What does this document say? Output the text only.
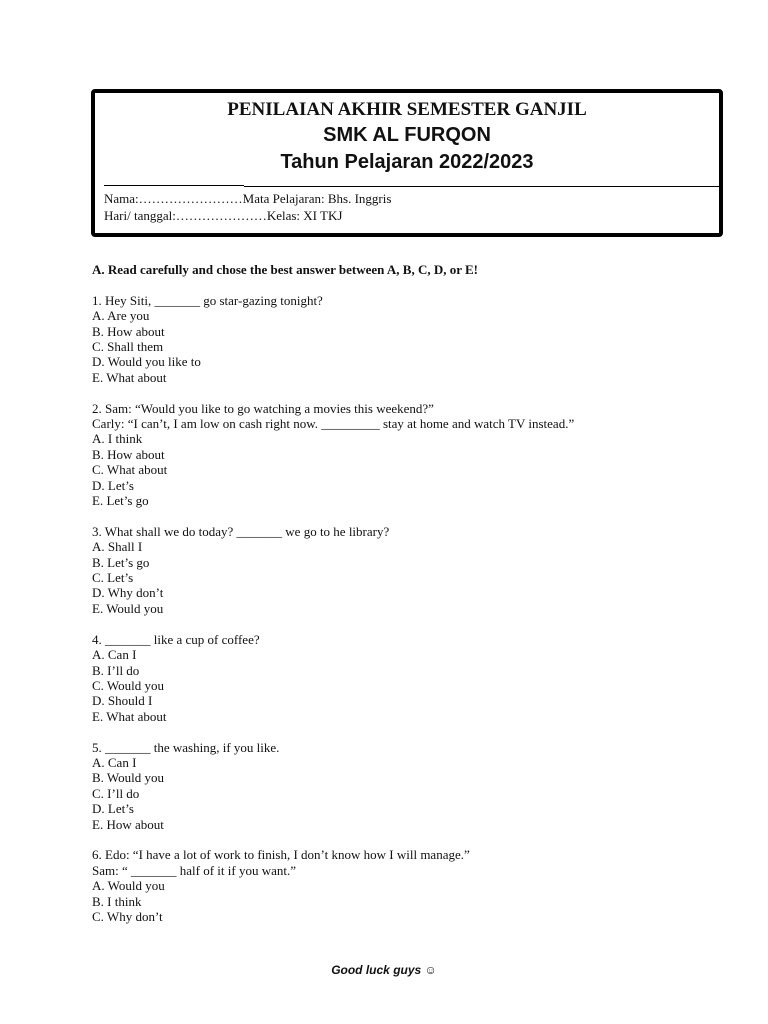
PENILAIAN AKHIR SEMESTER GANJIL
SMK AL FURQON
Tahun Pelajaran 2022/2023
Nama:……………………Mata Pelajaran: Bhs. Inggris
Hari/ tanggal:…………………Kelas: XI TKJ
A. Read carefully and chose the best answer between A, B, C, D, or E!
1. Hey Siti, _______ go star-gazing tonight?
A. Are you
B. How about
C. Shall them
D. Would you like to
E. What about
2. Sam: “Would you like to go watching a movies this weekend?”
Carly: “I can’t, I am low on cash right now. _________ stay at home and watch TV instead.”
A. I think
B. How about
C. What about
D. Let’s
E. Let’s go
3. What shall we do today? _______ we go to he library?
A. Shall I
B. Let’s go
C. Let’s
D. Why don’t
E. Would you
4. _______ like a cup of coffee?
A. Can I
B. I’ll do
C. Would you
D. Should I
E. What about
5. _______ the washing, if you like.
A. Can I
B. Would you
C. I’ll do
D. Let’s
E. How about
6. Edo: “I have a lot of work to finish, I don’t know how I will manage.”
Sam: “ _______ half of it if you want.”
A. Would you
B. I think
C. Why don’t
Good luck guys ☺
